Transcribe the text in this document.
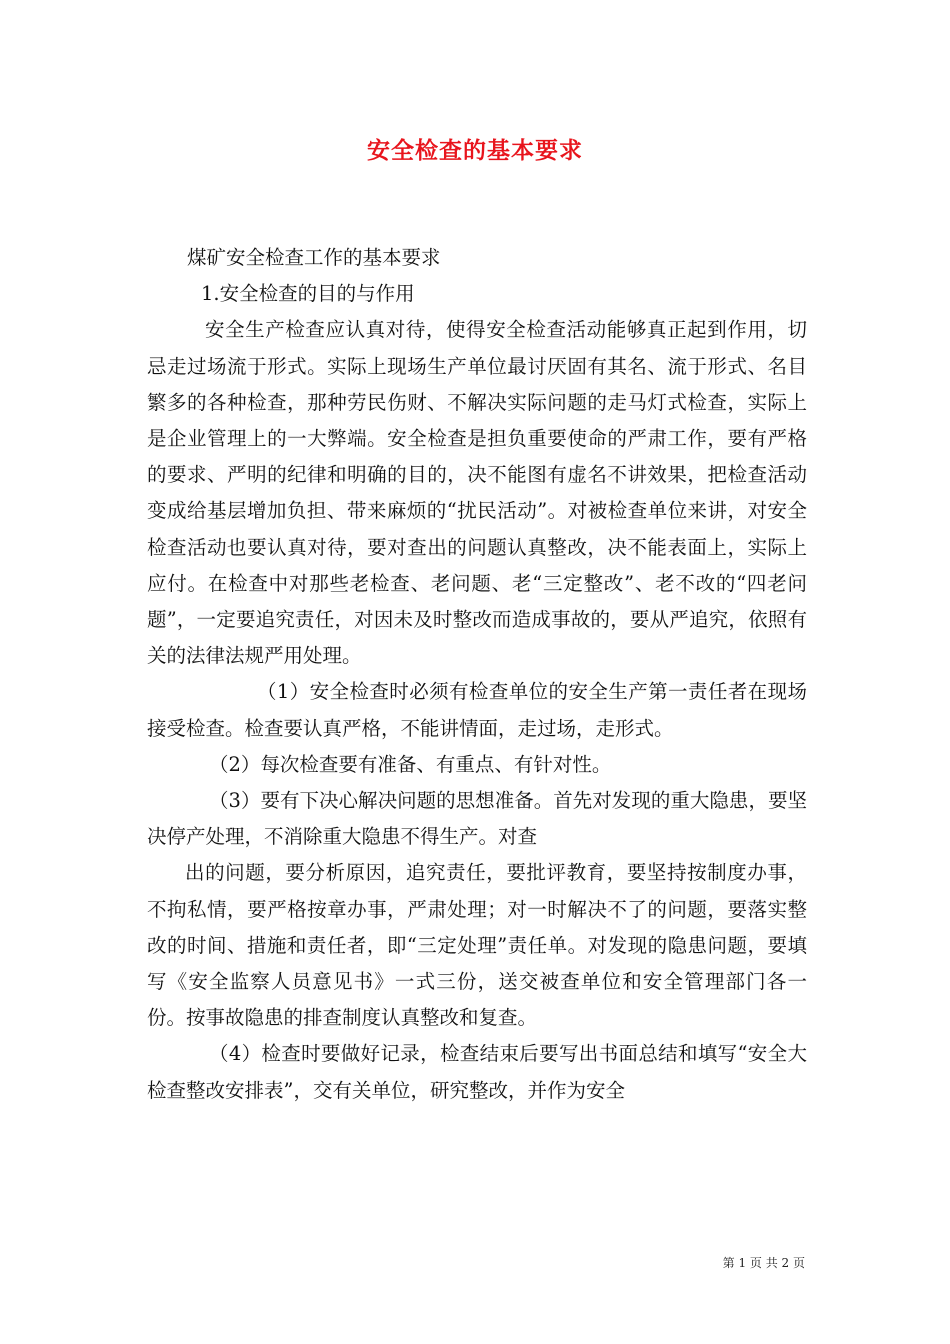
安全检查的基本要求

煤矿安全检查工作的基本要求

1.安全检查的目的与作用

安全生产检查应认真对待，使得安全检查活动能够真正起到作用，切忌走过场流于形式。实际上现场生产单位最讨厌固有其名、流于形式、名目繁多的各种检查，那种劳民伤财、不解决实际问题的走马灯式检查，实际上是企业管理上的一大弊端。安全检查是担负重要使命的严肃工作，要有严格的要求、严明的纪律和明确的目的，决不能图有虚名不讲效果，把检查活动变成给基层增加负担、带来麻烦的“扰民活动”。对被检查单位来讲，对安全检查活动也要认真对待，要对查出的问题认真整改，决不能表面上，实际上应付。在检查中对那些老检查、老问题、老“三定整改”、老不改的“四老问题”，一定要追究责任，对因未及时整改而造成事故的，要从严追究，依照有关的法律法规严用处理。

（1）安全检查时必须有检查单位的安全生产第一责任者在现场接受检查。检查要认真严格，不能讲情面，走过场，走形式。

（2）每次检查要有准备、有重点、有针对性。

（3）要有下决心解决问题的思想准备。首先对发现的重大隐患，要坚决停产处理，不消除重大隐患不得生产。对查

出的问题，要分析原因，追究责任，要批评教育，要坚持按制度办事，不拘私情，要严格按章办事，严肃处理；对一时解决不了的问题，要落实整改的时间、措施和责任者，即“三定处理”责任单。对发现的隐患问题，要填写《安全监察人员意见书》一式三份，送交被查单位和安全管理部门各一份。按事故隐患的排查制度认真整改和复查。

（4）检查时要做好记录，检查结束后要写出书面总结和填写“安全大检查整改安排表”，交有关单位，研究整改，并作为安全

第 1 页 共 2 页
